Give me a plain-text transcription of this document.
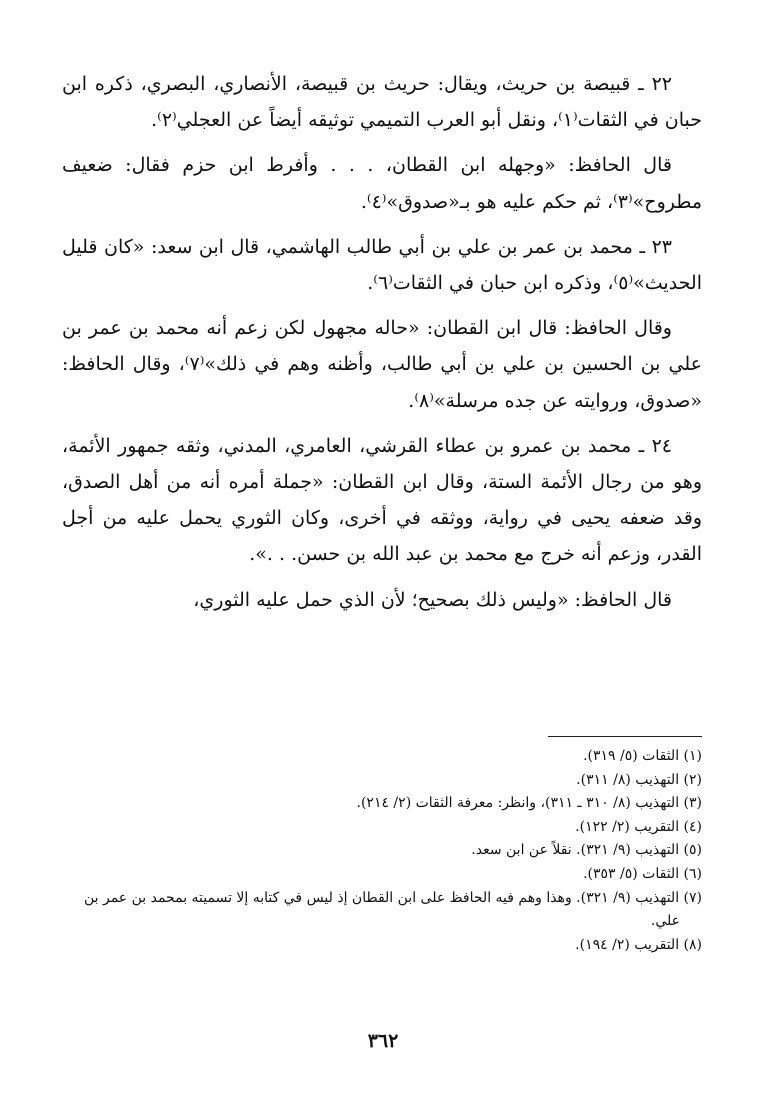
٢٢ ـ قبيصة بن حريث، ويقال: حريث بن قبيصة، الأنصاري، البصري، ذكره ابن حبان في الثقات⁽١⁾، ونقل أبو العرب التميمي توثيقه أيضاً عن العجلي⁽٢⁾.

قال الحافظ: «وجهله ابن القطان، . . . وأفرط ابن حزم فقال: ضعيف مطروح»⁽٣⁾، ثم حكم عليه هو بـ«صدوق»⁽٤⁾.

٢٣ ـ محمد بن عمر بن علي بن أبي طالب الهاشمي، قال ابن سعد: «كان قليل الحديث»⁽٥⁾، وذكره ابن حبان في الثقات⁽٦⁾.

وقال الحافظ: قال ابن القطان: «حاله مجهول لكن زعم أنه محمد بن عمر بن علي بن الحسين بن علي بن أبي طالب، وأظنه وهم في ذلك»⁽٧⁾، وقال الحافظ: «صدوق، وروايته عن جده مرسلة»⁽٨⁾.

٢٤ ـ محمد بن عمرو بن عطاء القرشي، العامري، المدني، وثقه جمهور الأئمة، وهو من رجال الأئمة الستة، وقال ابن القطان: «جملة أمره أنه من أهل الصدق، وقد ضعفه يحيى في رواية، ووثقه في أخرى، وكان الثوري يحمل عليه من أجل القدر، وزعم أنه خرج مع محمد بن عبد الله بن حسن. . .».

قال الحافظ: «وليس ذلك بصحيح؛ لأن الذي حمل عليه الثوري،

(١) الثقات (٥/ ٣١٩).

(٢) التهذيب (٨/ ٣١١).

(٣) التهذيب (٨/ ٣١٠ ـ ٣١١)، وانظر: معرفة الثقات (٢/ ٢١٤).

(٤) التقريب (٢/ ١٢٢).

(٥) التهذيب (٩/ ٣٢١). نقلاً عن ابن سعد.

(٦) الثقات (٥/ ٣٥٣).

(٧) التهذيب (٩/ ٣٢١). وهذا وهم فيه الحافظ على ابن القطان إذ ليس في كتابه إلا تسميته بمحمد بن عمر بن علي.

(٨) التقريب (٢/ ١٩٤).

٣٦٢
